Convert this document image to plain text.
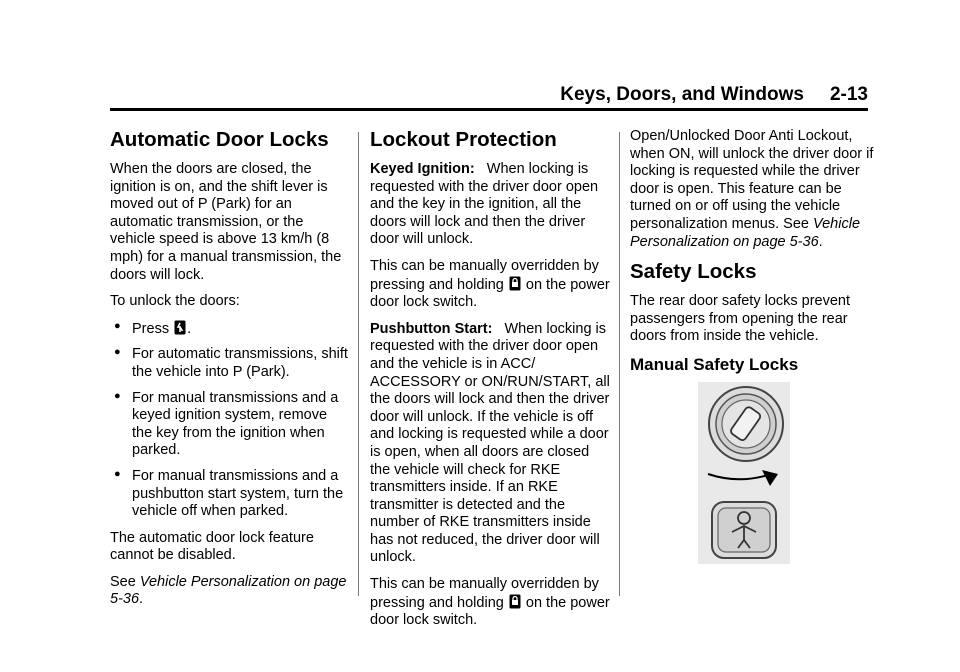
Keys, Doors, and Windows 2-13
Automatic Door Locks

When the doors are closed, the ignition is on, and the shift lever is moved out of P (Park) for an automatic transmission, or the vehicle speed is above 13 km/h (8 mph) for a manual transmission, the doors will lock.

To unlock the doors:

● Press .
● For automatic transmissions, shift the vehicle into P (Park).
● For manual transmissions and a keyed ignition system, remove the key from the ignition when parked.
● For manual transmissions and a pushbutton start system, turn the vehicle off when parked.

The automatic door lock feature cannot be disabled.

See Vehicle Personalization on page 5-36.

Lockout Protection

Keyed Ignition: When locking is requested with the driver door open and the key in the ignition, all the doors will lock and then the driver door will unlock.

This can be manually overridden by pressing and holding on the power door lock switch.

Pushbutton Start: When locking is requested with the driver door open and the vehicle is in ACC/ ACCESSORY or ON/RUN/START, all the doors will lock and then the driver door will unlock. If the vehicle is off and locking is requested while a door is open, when all doors are closed the vehicle will check for RKE transmitters inside. If an RKE transmitter is detected and the number of RKE transmitters inside has not reduced, the driver door will unlock.

This can be manually overridden by pressing and holding on the power door lock switch.

Open/Unlocked Door Anti Lockout, when ON, will unlock the driver door if locking is requested while the driver door is open. This feature can be turned on or off using the vehicle personalization menus. See Vehicle Personalization on page 5-36.

Safety Locks

The rear door safety locks prevent passengers from opening the rear doors from inside the vehicle.

Manual Safety Locks
